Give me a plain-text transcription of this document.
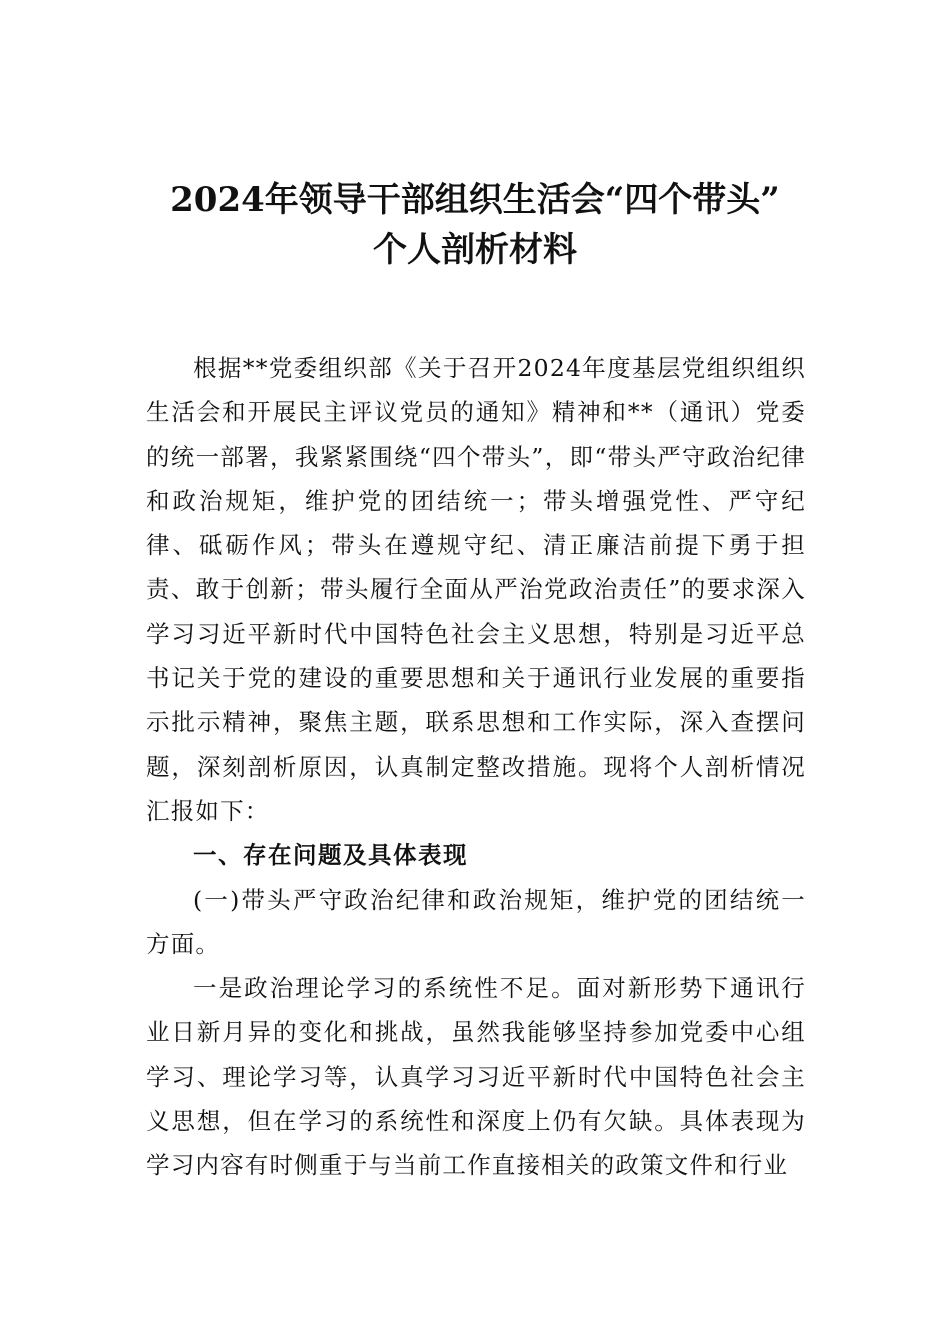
2024年领导干部组织生活会“四个带头”
个人剖析材料

根据**党委组织部《关于召开2024年度基层党组织组织生活会和开展民主评议党员的通知》精神和**（通讯）党委的统一部署，我紧紧围绕“四个带头”，即“带头严守政治纪律和政治规矩，维护党的团结统一；带头增强党性、严守纪律、砥砺作风；带头在遵规守纪、清正廉洁前提下勇于担责、敢于创新；带头履行全面从严治党政治责任”的要求深入学习习近平新时代中国特色社会主义思想，特别是习近平总书记关于党的建设的重要思想和关于通讯行业发展的重要指示批示精神，聚焦主题，联系思想和工作实际，深入查摆问题，深刻剖析原因，认真制定整改措施。现将个人剖析情况汇报如下：

一、存在问题及具体表现

(一)带头严守政治纪律和政治规矩，维护党的团结统一方面。

一是政治理论学习的系统性不足。面对新形势下通讯行业日新月异的变化和挑战，虽然我能够坚持参加党委中心组学习、理论学习等，认真学习习近平新时代中国特色社会主义思想，但在学习的系统性和深度上仍有欠缺。具体表现为学习内容有时侧重于与当前工作直接相关的政策文件和行业
